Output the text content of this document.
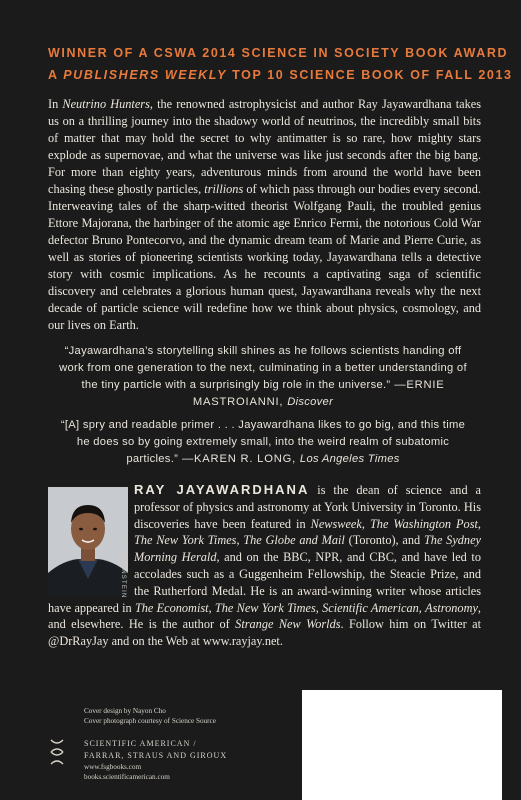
WINNER OF A CSWA 2014 SCIENCE IN SOCIETY BOOK AWARD
A PUBLISHERS WEEKLY TOP 10 SCIENCE BOOK OF FALL 2013
In Neutrino Hunters, the renowned astrophysicist and author Ray Jayawardhana takes us on a thrilling journey into the shadowy world of neutrinos, the incredibly small bits of matter that may hold the secret to why antimatter is so rare, how mighty stars explode as supernovae, and what the universe was like just seconds after the big bang. For more than eighty years, adventurous minds from around the world have been chasing these ghostly particles, trillions of which pass through our bodies every second. Interweaving tales of the sharp-witted theorist Wolfgang Pauli, the troubled genius Ettore Majorana, the harbinger of the atomic age Enrico Fermi, the notorious Cold War defector Bruno Pontecorvo, and the dynamic dream team of Marie and Pierre Curie, as well as stories of pioneering scientists working today, Jayawardhana tells a detective story with cosmic implications. As he recounts a captivating saga of scientific discovery and celebrates a glorious human quest, Jayawardhana reveals why the next decade of particle science will redefine how we think about physics, cosmology, and our lives on Earth.
“Jayawardhana’s storytelling skill shines as he follows scientists handing off work from one generation to the next, culminating in a better understanding of the tiny particle with a surprisingly big role in the universe.” —ERNIE MASTROIANNI, Discover
“[A] spry and readable primer . . . Jayawardhana likes to go big, and this time he does so by going extremely small, into the weird realm of subatomic particles.” —KAREN R. LONG, Los Angeles Times
J.R. BERNSTEIN
RAY JAYAWARDHANA is the dean of science and a professor of physics and astronomy at York University in Toronto. His discoveries have been featured in Newsweek, The Washington Post, The New York Times, The Globe and Mail (Toronto), and The Sydney Morning Herald, and on the BBC, NPR, and CBC, and have led to accolades such as a Guggenheim Fellowship, the Steacie Prize, and the Rutherford Medal. He is an award-winning writer whose articles have appeared in The Economist, The New York Times, Scientific American, Astronomy, and elsewhere. He is the author of Strange New Worlds. Follow him on Twitter at @DrRayJay and on the Web at www.rayjay.net.
Cover design by Nayon Cho
Cover photograph courtesy of Science Source
SCIENTIFIC AMERICAN /
FARRAR, STRAUS AND GIROUX
www.fsgbooks.com
books.scientificamerican.com
